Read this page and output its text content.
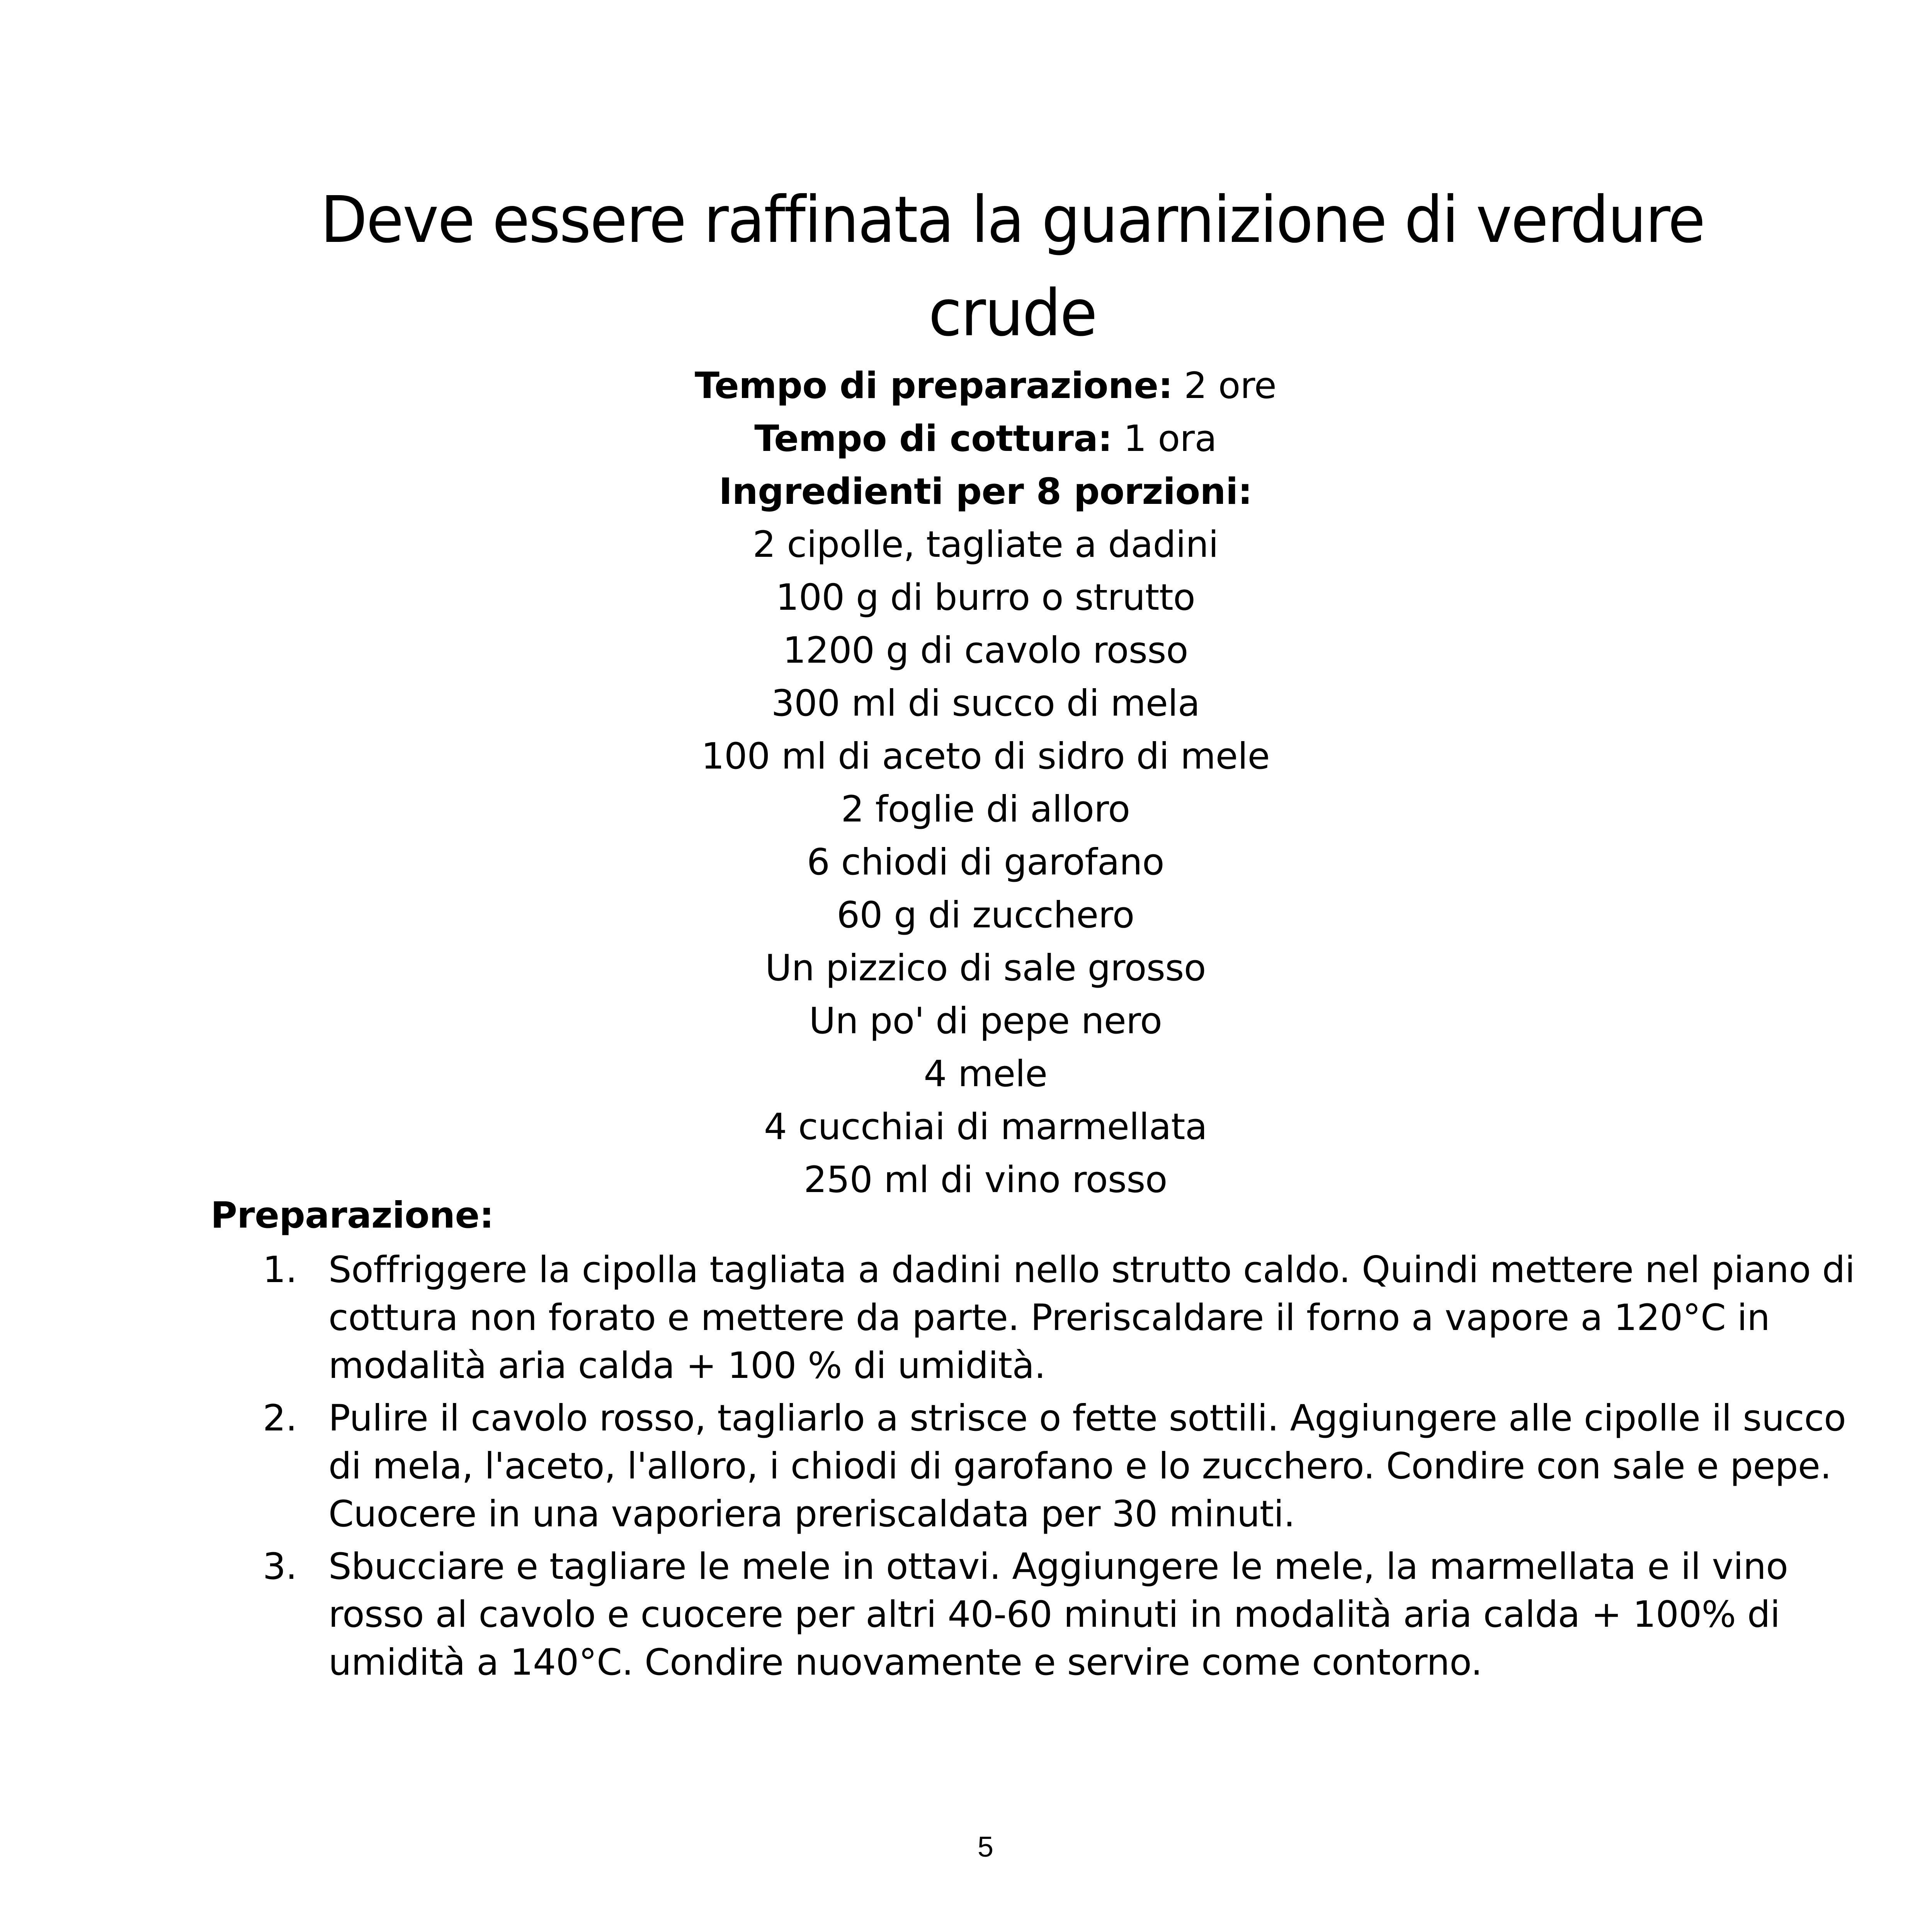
Deve essere raffinata la guarnizione di verdure crude
Tempo di preparazione: 2 ore
Tempo di cottura: 1 ora
Ingredienti per 8 porzioni:
2 cipolle, tagliate a dadini
100 g di burro o strutto
1200 g di cavolo rosso
300 ml di succo di mela
100 ml di aceto di sidro di mele
2 foglie di alloro
6 chiodi di garofano
60 g di zucchero
Un pizzico di sale grosso
Un po' di pepe nero
4 mele
4 cucchiai di marmellata
250 ml di vino rosso
Preparazione:
1. Soffriggere la cipolla tagliata a dadini nello strutto caldo. Quindi mettere nel piano di cottura non forato e mettere da parte. Preriscaldare il forno a vapore a 120°C in modalità aria calda + 100 % di umidità.
2. Pulire il cavolo rosso, tagliarlo a strisce o fette sottili. Aggiungere alle cipolle il succo di mela, l'aceto, l'alloro, i chiodi di garofano e lo zucchero. Condire con sale e pepe. Cuocere in una vaporiera preriscaldata per 30 minuti.
3. Sbucciare e tagliare le mele in ottavi. Aggiungere le mele, la marmellata e il vino rosso al cavolo e cuocere per altri 40-60 minuti in modalità aria calda + 100% di umidità a 140°C. Condire nuovamente e servire come contorno.
5
